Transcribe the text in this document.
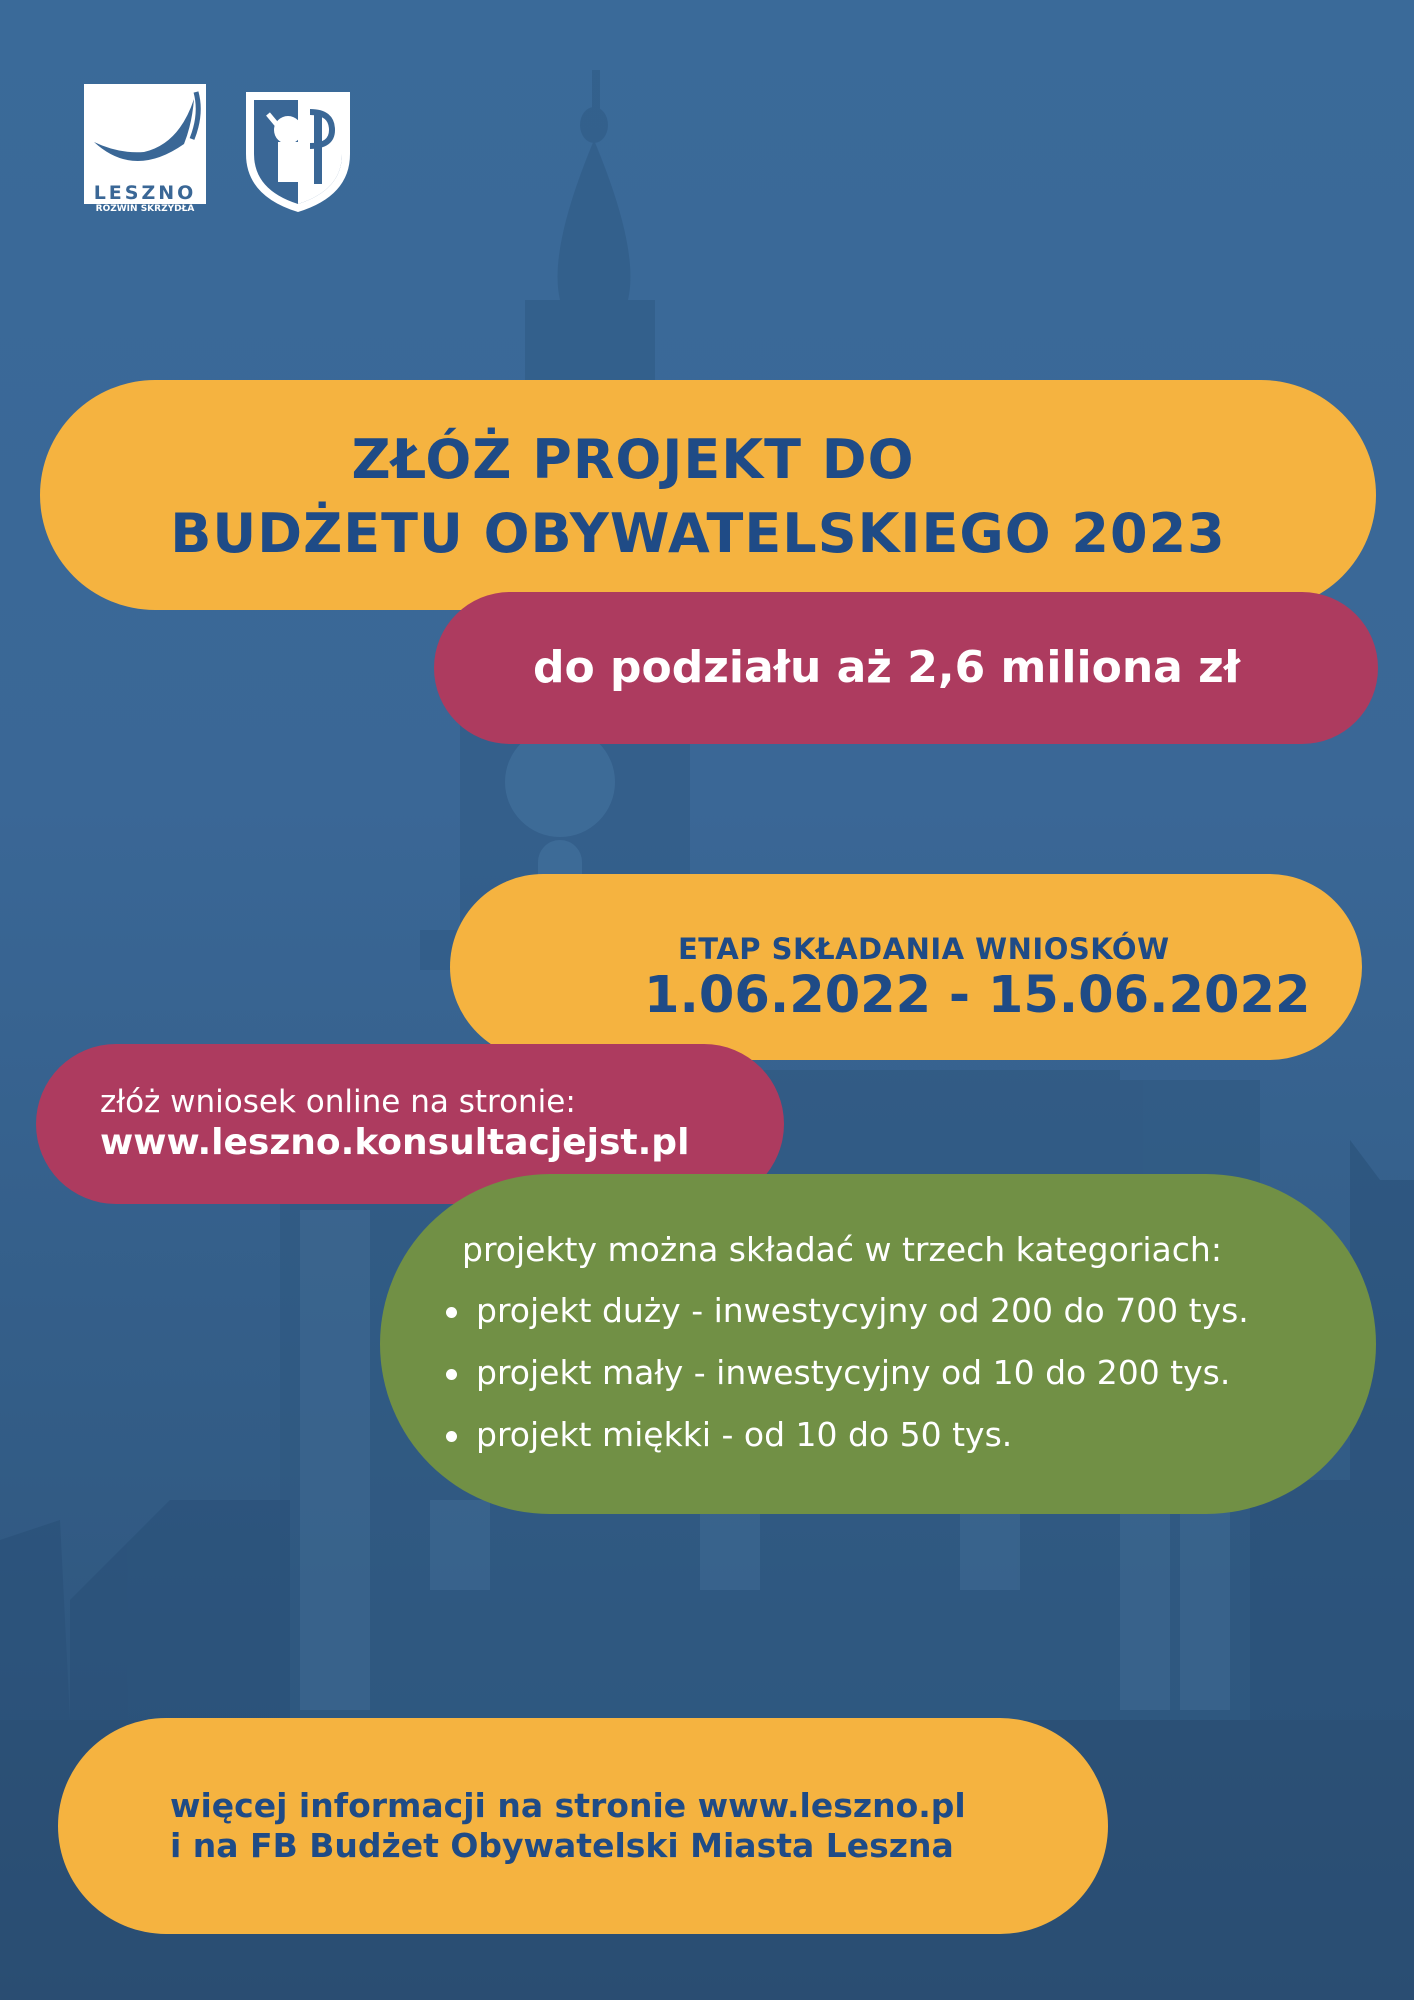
LESZNO
ROZWIŃ SKRZYDŁA
ZŁÓŻ PROJEKT DO
BUDŻETU OBYWATELSKIEGO 2023
do podziału aż 2,6 miliona zł
ETAP SKŁADANIA WNIOSKÓW
1.06.2022 - 15.06.2022
złóż wniosek online na stronie:
www.leszno.konsultacjejst.pl
projekty można składać w trzech kategoriach:
projekt duży - inwestycyjny od 200 do 700 tys.
projekt mały - inwestycyjny od 10 do 200 tys.
projekt miękki - od 10 do 50 tys.
więcej informacji na stronie www.leszno.pl
i na FB Budżet Obywatelski Miasta Leszna
